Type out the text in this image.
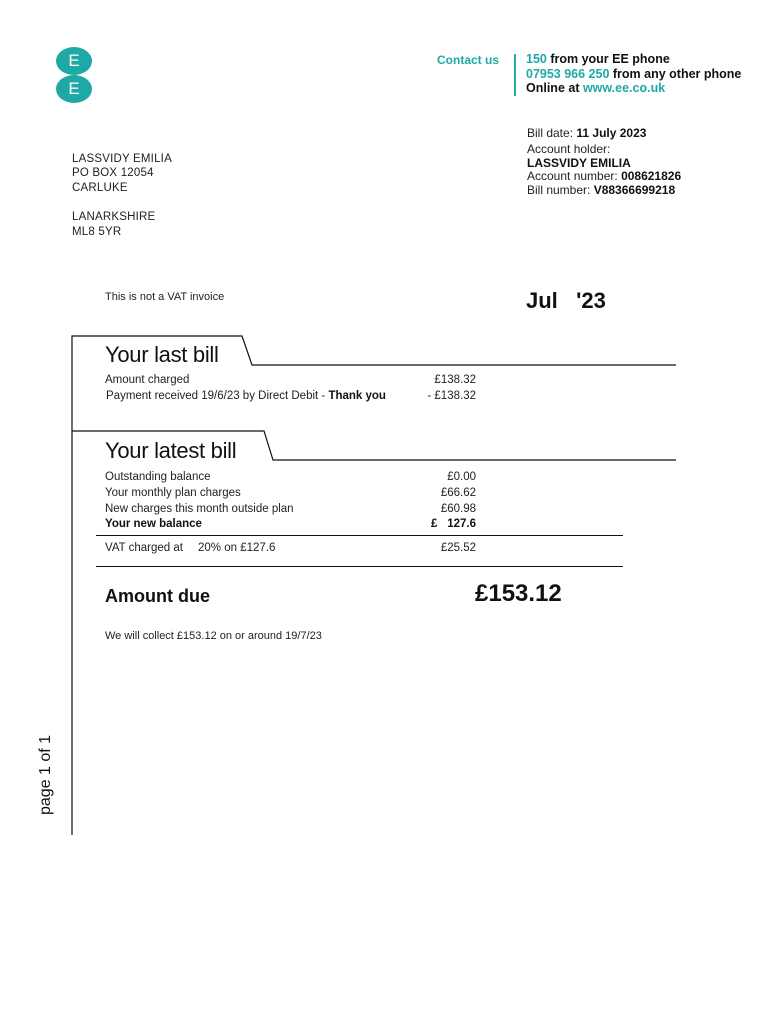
E
E
Contact us 150 from your EE phone
07953 966 250 from any other phone
Online at www.ee.co.uk
Bill date: 11 July 2023
Account holder:
LASSVIDY EMILIA
Account number: 008621826
Bill number: V88366699218
LASSVIDY EMILIA
PO BOX 12054
CARLUKE
LANARKSHIRE
ML8 5YR
This is not a VAT invoice	Jul '23
Your last bill
Amount charged	£138.32
Payment received 19/6/23 by Direct Debit - Thank you	- £138.32
Your latest bill
Outstanding balance	£0.00
Your monthly plan charges	£66.62
New charges this month outside plan	£60.98
Your new balance	£ 127.6
VAT charged at 20% on £127.6	£25.52
Amount due	£153.12
We will collect £153.12 on or around 19/7/23
page 1 of 1
